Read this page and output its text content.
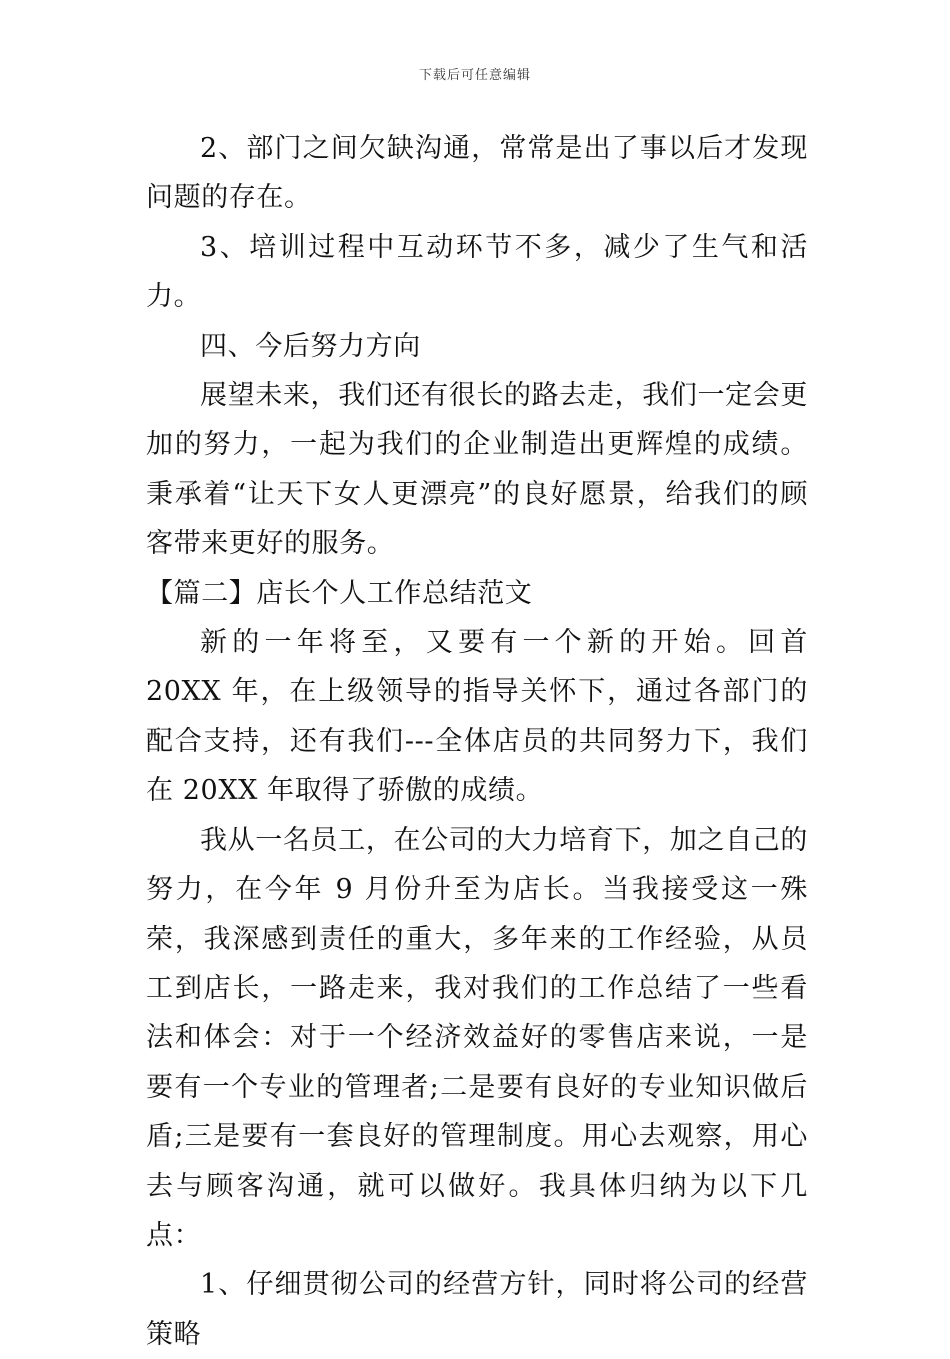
下载后可任意编辑

2、部门之间欠缺沟通，常常是出了事以后才发现问题的存在。

3、培训过程中互动环节不多，减少了生气和活力。

四、今后努力方向

展望未来，我们还有很长的路去走，我们一定会更加的努力，一起为我们的企业制造出更辉煌的成绩。秉承着“让天下女人更漂亮”的良好愿景，给我们的顾客带来更好的服务。

【篇二】店长个人工作总结范文

新的一年将至，又要有一个新的开始。回首 20XX 年，在上级领导的指导关怀下，通过各部门的配合支持，还有我们---全体店员的共同努力下，我们在 20XX 年取得了骄傲的成绩。

我从一名员工，在公司的大力培育下，加之自己的努力，在今年 9 月份升至为店长。当我接受这一殊荣，我深感到责任的重大，多年来的工作经验，从员工到店长，一路走来，我对我们的工作总结了一些看法和体会：对于一个经济效益好的零售店来说，一是要有一个专业的管理者;二是要有良好的专业知识做后盾;三是要有一套良好的管理制度。用心去观察，用心去与顾客沟通，就可以做好。我具体归纳为以下几点：

1、仔细贯彻公司的经营方针，同时将公司的经营策略
